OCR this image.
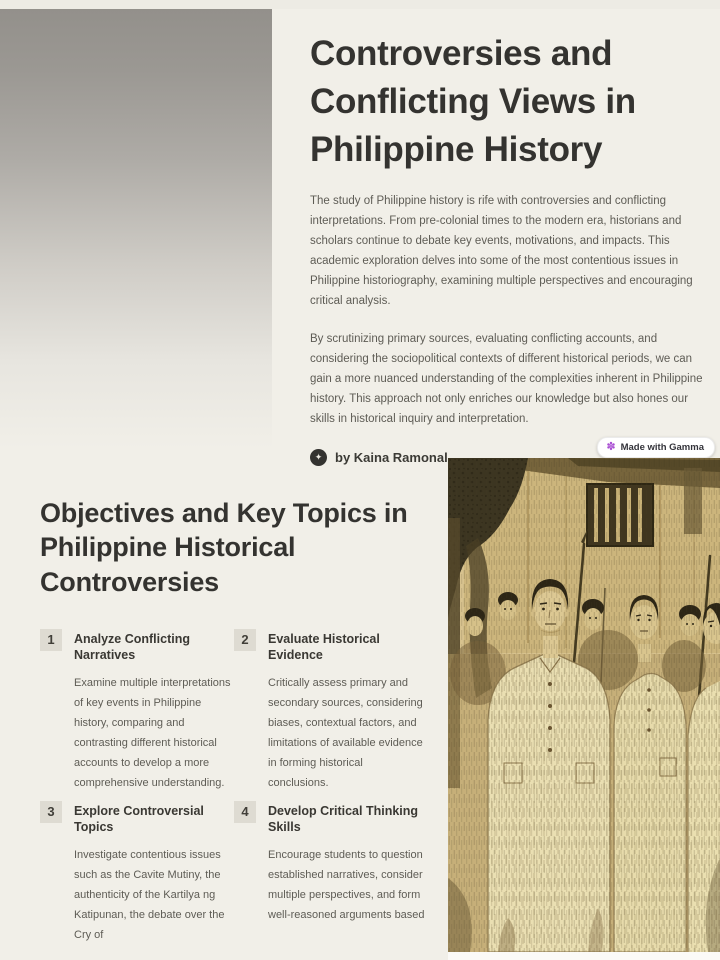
Controversies and Conflicting Views in Philippine History

The study of Philippine history is rife with controversies and conflicting interpretations. From pre-colonial times to the modern era, historians and scholars continue to debate key events, motivations, and impacts. This academic exploration delves into some of the most contentious issues in Philippine historiography, examining multiple perspectives and encouraging critical analysis.

By scrutinizing primary sources, evaluating conflicting accounts, and considering the sociopolitical contexts of different historical periods, we can gain a more nuanced understanding of the complexities inherent in Philippine history. This approach not only enriches our knowledge but also hones our skills in historical inquiry and interpretation.

✦ by Kaina Ramonal
✽ Made with Gamma
Objectives and Key Topics in Philippine Historical Controversies
1	Analyze Conflicting Narratives

Examine multiple interpretations of key events in Philippine history, comparing and contrasting different historical accounts to develop a more comprehensive understanding.

2	Evaluate Historical Evidence

Critically assess primary and secondary sources, considering biases, contextual factors, and limitations of available evidence in forming historical conclusions.

3	Explore Controversial Topics

Investigate contentious issues such as the Cavite Mutiny, the authenticity of the Kartilya ng Katipunan, the debate over the Cry of

4	Develop Critical Thinking Skills

Encourage students to question established narratives, consider multiple perspectives, and form well-reasoned arguments based
